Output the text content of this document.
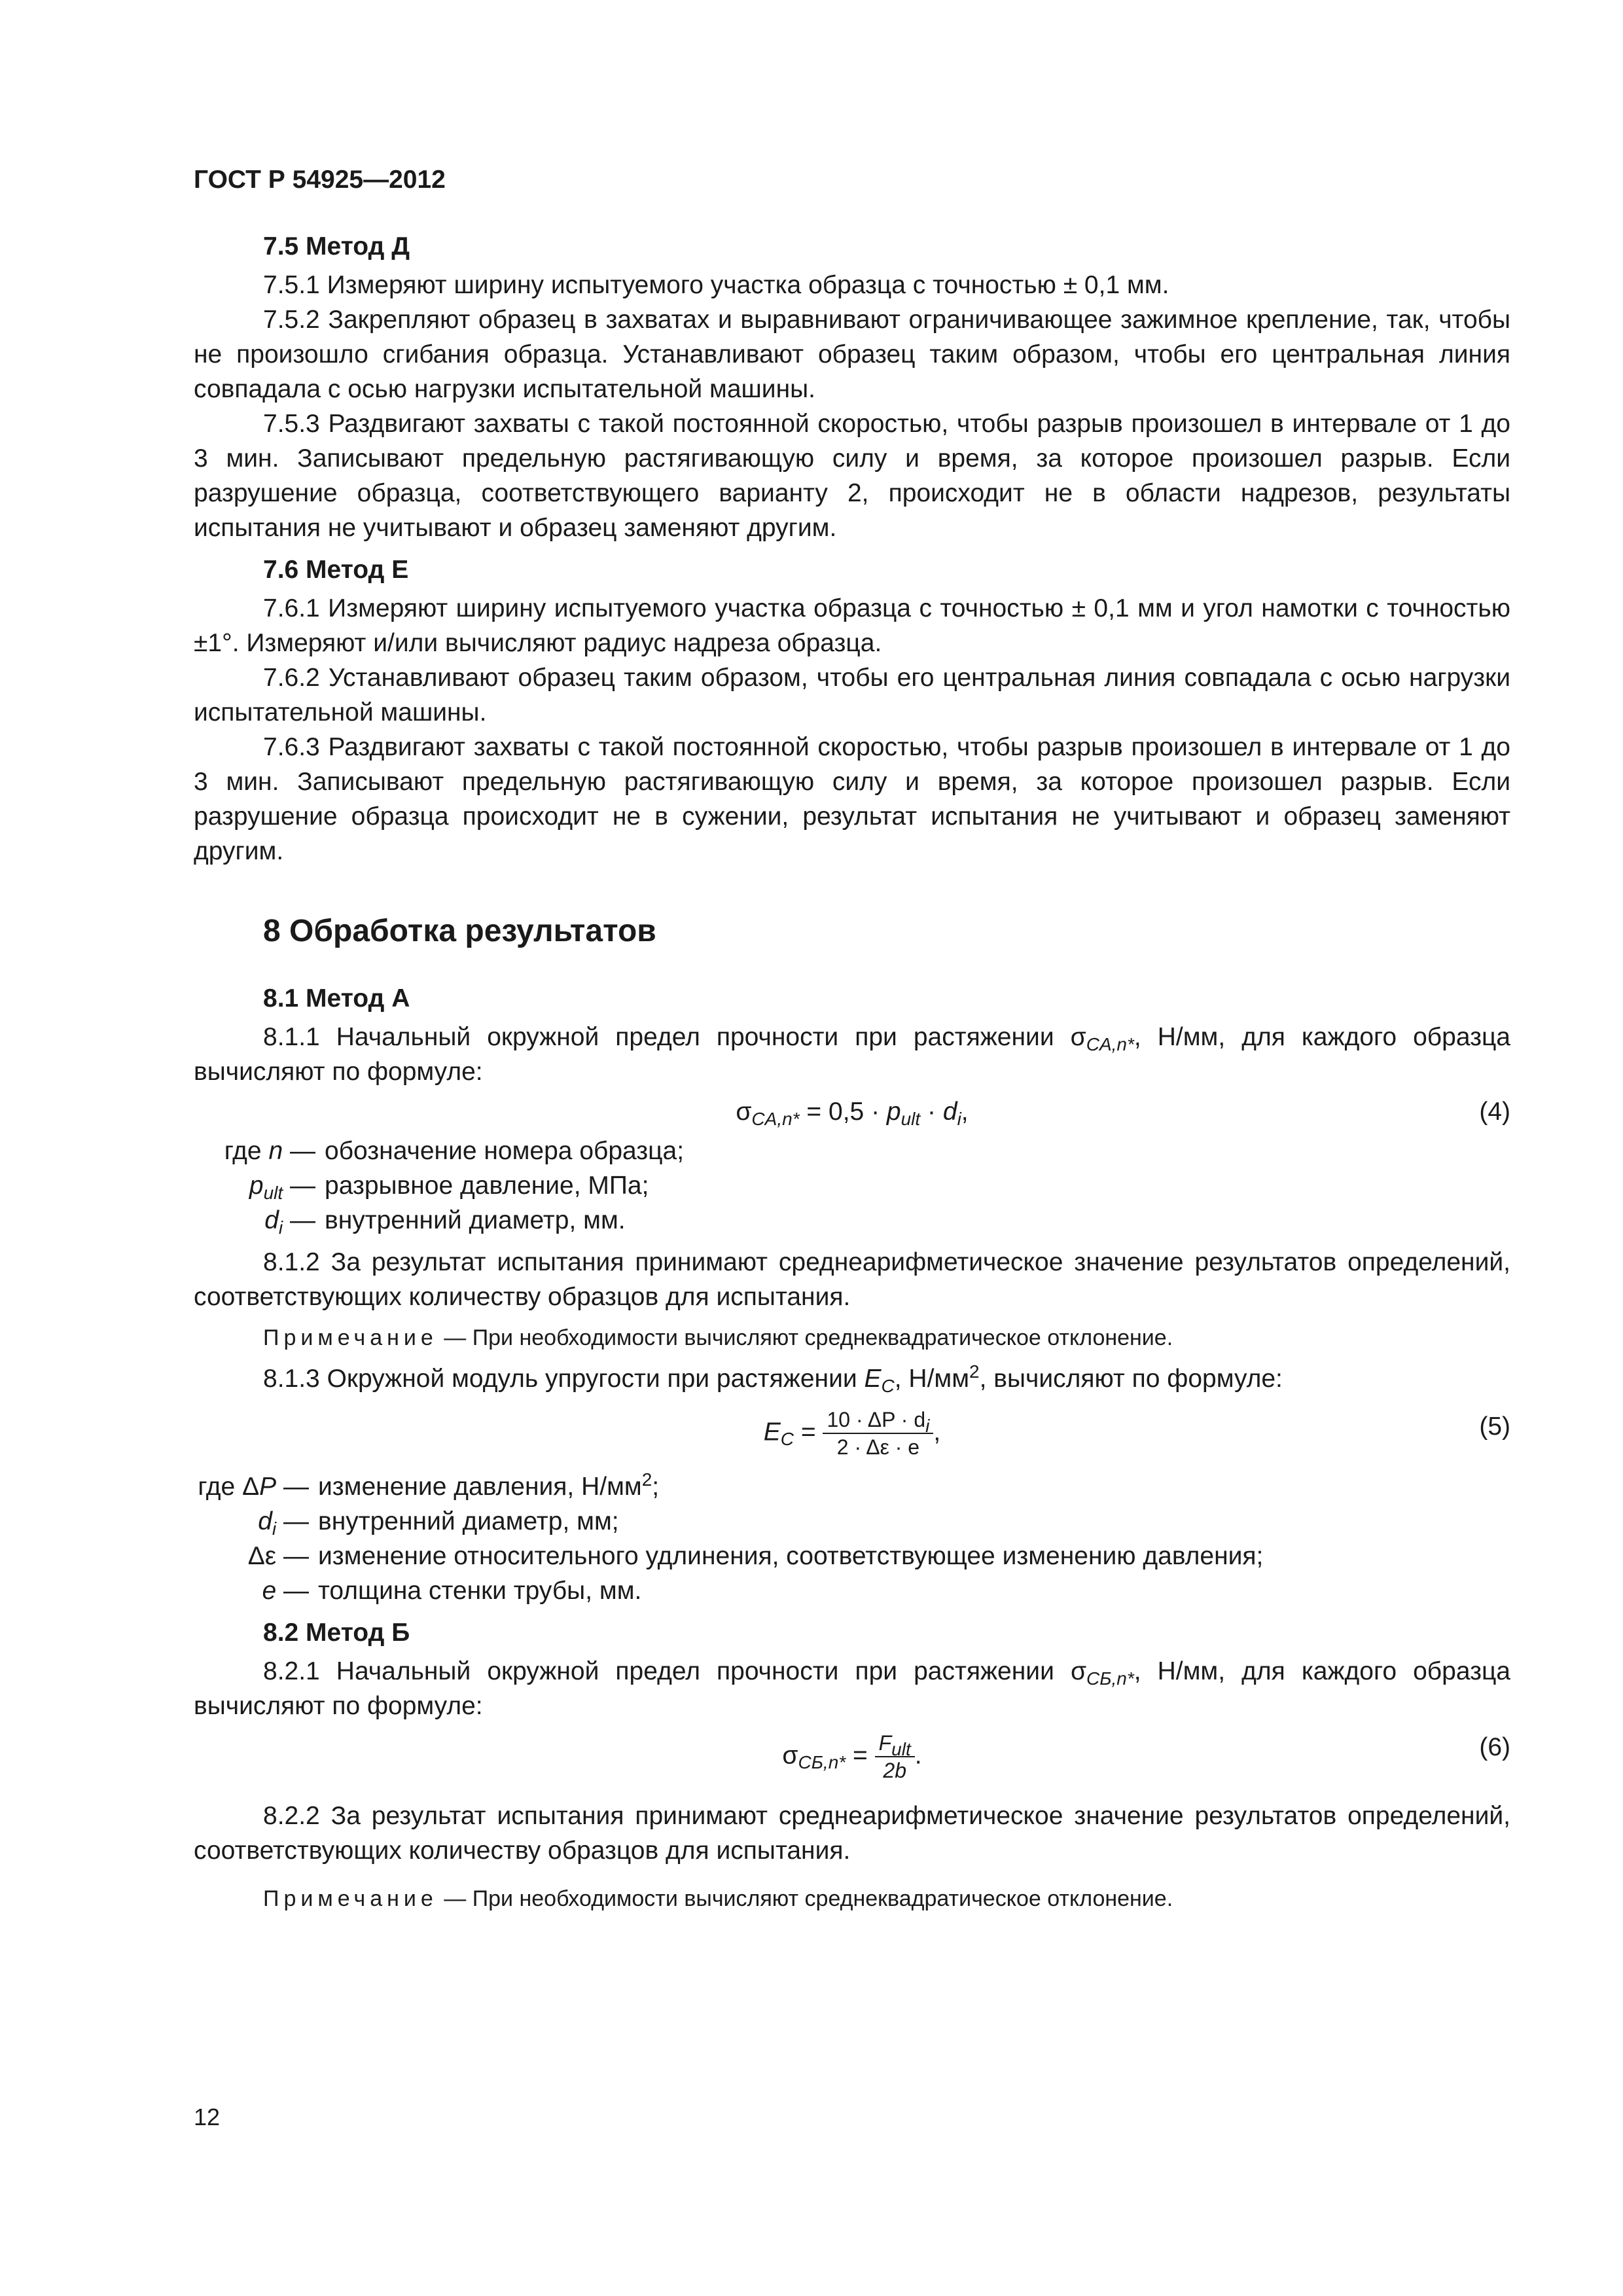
ГОСТ Р 54925—2012

7.5 Метод Д

7.5.1 Измеряют ширину испытуемого участка образца с точностью ± 0,1 мм.

7.5.2 Закрепляют образец в захватах и выравнивают ограничивающее зажимное крепление, так, чтобы не произошло сгибания образца. Устанавливают образец таким образом, чтобы его центральная линия совпадала с осью нагрузки испытательной машины.

7.5.3 Раздвигают захваты с такой постоянной скоростью, чтобы разрыв произошел в интервале от 1 до 3 мин. Записывают предельную растягивающую силу и время, за которое произошел разрыв. Если разрушение образца, соответствующего варианту 2, происходит не в области надрезов, результаты испытания не учитывают и образец заменяют другим.

7.6 Метод Е

7.6.1 Измеряют ширину испытуемого участка образца с точностью ± 0,1 мм и угол намотки с точностью ±1°. Измеряют и/или вычисляют радиус надреза образца.

7.6.2 Устанавливают образец таким образом, чтобы его центральная линия совпадала с осью нагрузки испытательной машины.

7.6.3 Раздвигают захваты с такой постоянной скоростью, чтобы разрыв произошел в интервале от 1 до 3 мин. Записывают предельную растягивающую силу и время, за которое произошел разрыв. Если разрушение образца происходит не в сужении, результат испытания не учитывают и образец заменяют другим.

8 Обработка результатов

8.1 Метод А

8.1.1 Начальный окружной предел прочности при растяжении $\sigma_{CA,n*}$, Н/мм, для каждого образца вычисляют по формуле:

$\sigma_{CA,n*} = 0,5 \cdot p_{ult} \cdot d_i$,	(4)
где n — обозначение номера образца;
$p_{ult}$ — разрывное давление, МПа;
$d_i$ — внутренний диаметр, мм.

8.1.2 За результат испытания принимают среднеарифметическое значение результатов определений, соответствующих количеству образцов для испытания.

Примечание — При необходимости вычисляют среднеквадратическое отклонение.

8.1.3 Окружной модуль упругости при растяжении $E_C$, $Н/мм^2$, вычисляют по формуле:

$E_C = \frac{10 \cdot \Delta P \cdot d_i}{2 \cdot \Delta\varepsilon \cdot e}$ ,	(5)
где ΔP — изменение давления, $Н/мм^2$;
$d_i$ — внутренний диаметр, мм;
Δε — изменение относительного удлинения, соответствующее изменению давления;
e — толщина стенки трубы, мм.

8.2 Метод Б

8.2.1 Начальный окружной предел прочности при растяжении $\sigma_{CБ,n*}$, Н/мм, для каждого образца вычисляют по формуле:

$\sigma_{CБ,n*} = \frac{F_{ult}}{2b}$ .	(6)

8.2.2 За результат испытания принимают среднеарифметическое значение результатов определений, соответствующих количеству образцов для испытания.

Примечание — При необходимости вычисляют среднеквадратическое отклонение.

12
